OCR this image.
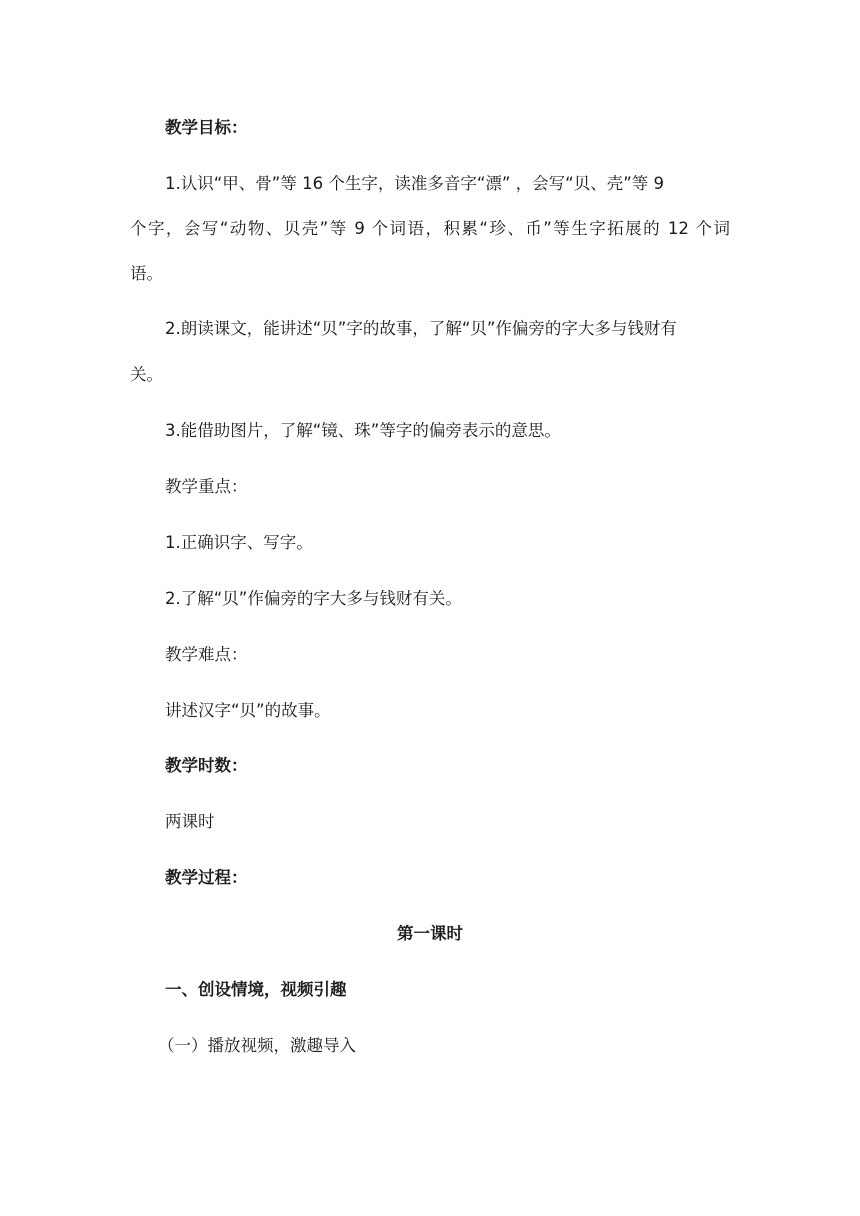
教学目标：
1.认识“甲、骨”等 16 个生字，读准多音字“漂” ，会写“贝、壳”等 9
个字，会写“动物、贝壳”等 9 个词语，积累“珍、币”等生字拓展的 12 个词
语。
2.朗读课文，能讲述“贝”字的故事，了解“贝”作偏旁的字大多与钱财有
关。
3.能借助图片，了解“镜、珠”等字的偏旁表示的意思。
教学重点：
1.正确识字、写字。
2.了解“贝”作偏旁的字大多与钱财有关。
教学难点：
讲述汉字“贝”的故事。
教学时数：
两课时
教学过程：
第一课时
一、创设情境，视频引趣
（一）播放视频，激趣导入
